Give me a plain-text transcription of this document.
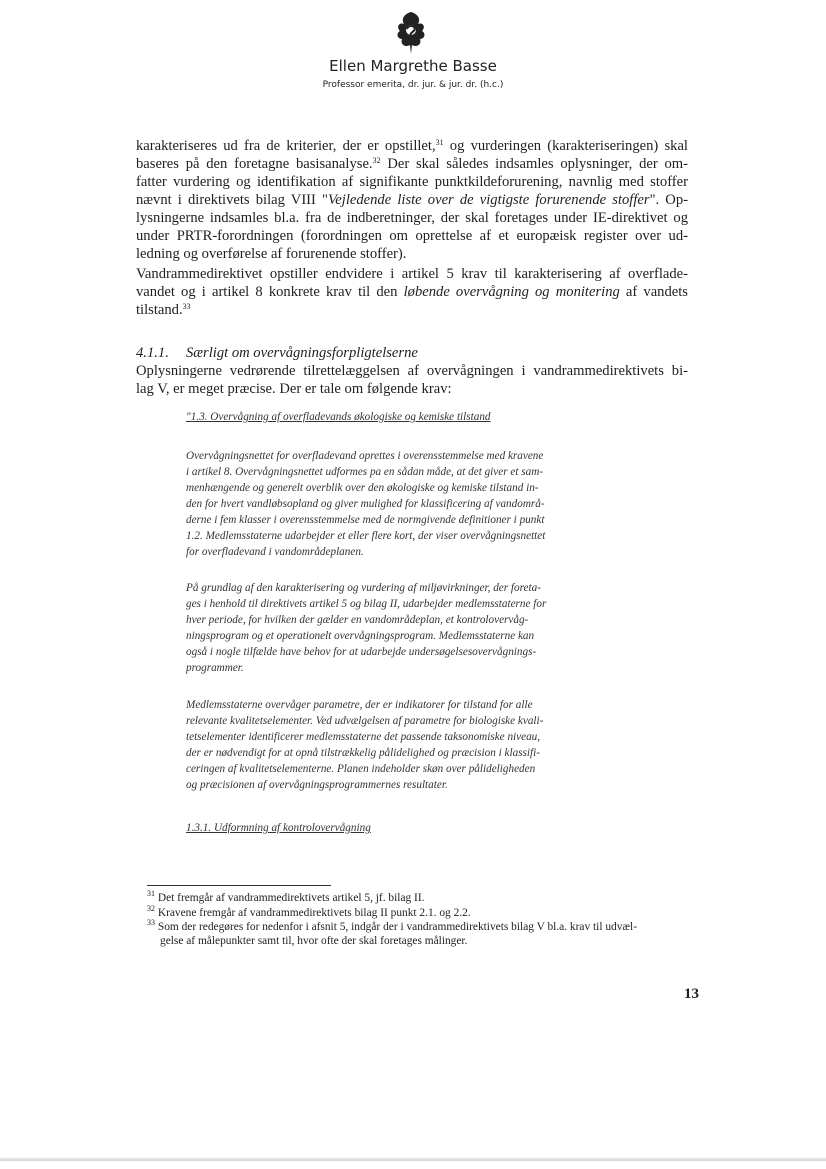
Ellen Margrethe Basse
Professor emerita, dr. jur. & jur. dr. (h.c.)
karakteriseres ud fra de kriterier, der er opstillet,$^{31}$ og vurderingen (karakteriseringen) skal
baseres på den foretagne basisanalyse.$^{32}$ Der skal således indsamles oplysninger, der om-
fatter vurdering og identifikation af signifikante punktkildeforurening, navnlig med stoffer
nævnt i direktivets bilag VIII "Vejledende liste over de vigtigste forurenende stoffer". Op-
lysningerne indsamles bl.a. fra de indberetninger, der skal foretages under IE-direktivet og
under PRTR-forordningen (forordningen om oprettelse af et europæisk register over ud-
ledning og overførelse af forurenende stoffer).
Vandrammedirektivet opstiller endvidere i artikel 5 krav til karakterisering af overflade-
vandet og i artikel 8 konkrete krav til den løbende overvågning og monitering af vandets
tilstand.$^{33}$
4.1.1. Særligt om overvågningsforpligtelserne
Oplysningerne vedrørende tilrettelæggelsen af overvågningen i vandrammedirektivets bi-
lag V, er meget præcise. Der er tale om følgende krav:
"1.3. Overvågning af overfladevands økologiske og kemiske tilstand
Overvågningsnettet for overfladevand oprettes i overensstemmelse med kravene
i artikel 8. Overvågningsnettet udformes pa en sådan måde, at det giver et sam-
menhængende og generelt overblik over den økologiske og kemiske tilstand in-
den for hvert vandløbsopland og giver mulighed for klassificering af vandområ-
derne i fem klasser i overensstemmelse med de normgivende definitioner i punkt
1.2. Medlemsstaterne udarbejder et eller flere kort, der viser overvågningsnettet
for overfladevand i vandområdeplanen.
På grundlag af den karakterisering og vurdering af miljøvirkninger, der foreta-
ges i henhold til direktivets artikel 5 og bilag II, udarbejder medlemsstaterne for
hver periode, for hvilken der gælder en vandområdeplan, et kontrolovervåg-
ningsprogram og et operationelt overvågningsprogram. Medlemsstaterne kan
også i nogle tilfælde have behov for at udarbejde undersøgelsesovervågnings-
programmer.
Medlemsstaterne overvåger parametre, der er indikatorer for tilstand for alle
relevante kvalitetselementer. Ved udvælgelsen af parametre for biologiske kvali-
tetselementer identificerer medlemsstaterne det passende taksonomiske niveau,
der er nødvendigt for at opnå tilstrækkelig pålidelighed og præcision i klassifi-
ceringen af kvalitetselementerne. Planen indeholder skøn over pålideligheden
og præcisionen af overvågningsprogrammernes resultater.
1.3.1. Udformning af kontrolovervågning
$^{31}$ Det fremgår af vandrammedirektivets artikel 5, jf. bilag II.
$^{32}$ Kravene fremgår af vandrammedirektivets bilag II punkt 2.1. og 2.2.
$^{33}$ Som der redegøres for nedenfor i afsnit 5, indgår der i vandrammedirektivets bilag V bl.a. krav til udvæl-
gelse af målepunkter samt til, hvor ofte der skal foretages målinger.
13
